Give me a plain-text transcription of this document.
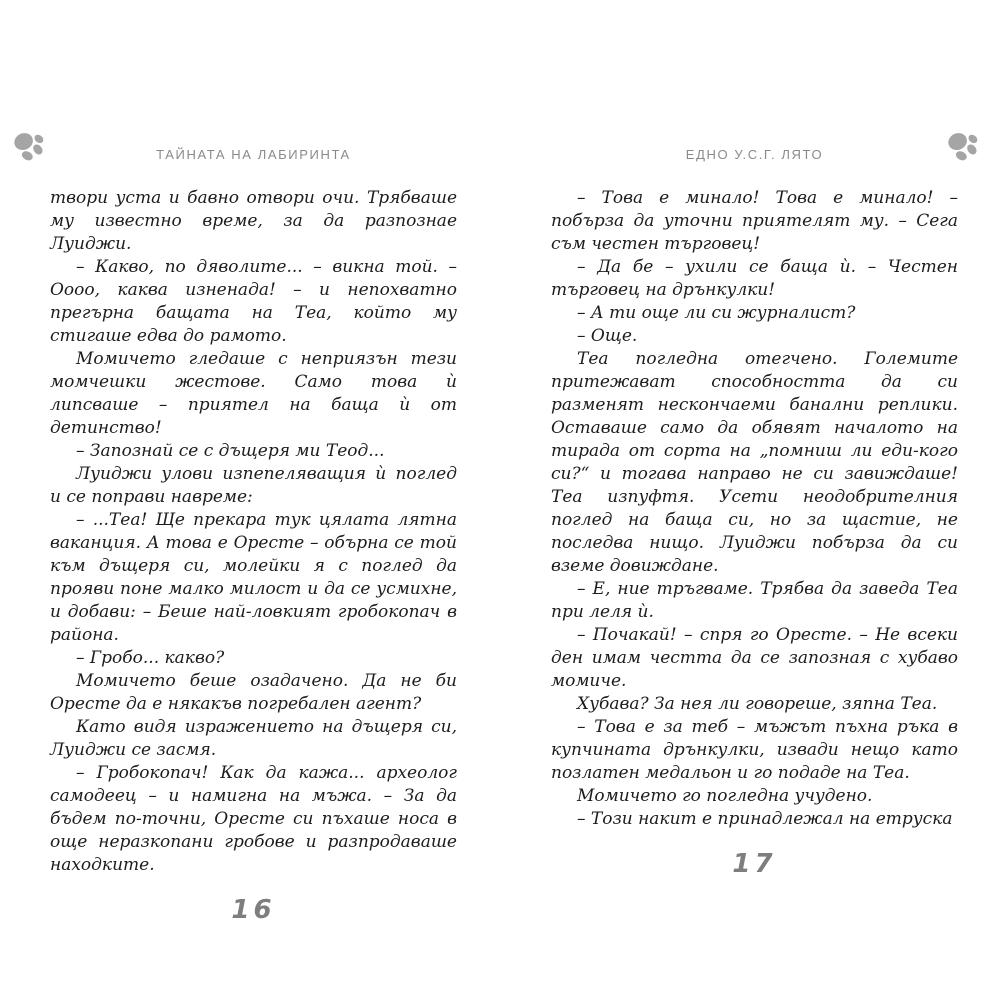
ТАЙНАТА НА ЛАБИРИНТА

твори уста и бавно отвори очи. Трябваше му известно време, за да разпознае Луиджи.

– Какво, по дяволите... – викна той. – Оооо, каква изненада! – и непохватно прегърна бащата на Теа, който му стигаше едва до рамото.

Момичето гледаше с неприязън тези момчешки жестове. Само това ѝ липсваше – приятел на баща ѝ от детинство!

– Запознай се с дъщеря ми Теод...

Луиджи улови изпепеляващия ѝ поглед и се поправи навреме:

– ...Теа! Ще прекара тук цялата лятна ваканция. А това е Оресте – обърна се той към дъщеря си, молейки я с поглед да прояви поне малко милост и да се усмихне, и добави: – Беше най-ловкият гробокопач в района.

– Гробо... какво?

Момичето беше озадачено. Да не би Оресте да е някакъв погребален агент?

Като видя изражението на дъщеря си, Луиджи се засмя.

– Гробокопач! Как да кажа... археолог самодеец – и намигна на мъжа. – За да бъдем по-точни, Оресте си пъхаше носа в още неразкопани гробове и разпродаваше находките.

16
ЕДНО У.С.Г. ЛЯТО

– Това е минало! Това е минало! – побърза да уточни приятелят му. – Сега съм честен търговец!

– Да бе – ухили се баща ѝ. – Честен търговец на дрънкулки!

– А ти още ли си журналист?

– Още.

Теа погледна отегчено. Големите притежават способността да си разменят нескончаеми банални реплики. Оставаше само да обявят началото на тирада от сорта на „помниш ли еди-кого си?“ и тогава направо не си завиждаше! Теа изпуфтя. Усети неодобрителния поглед на баща си, но за щастие, не последва нищо. Луиджи побърза да си вземе довиждане.

– Е, ние тръгваме. Трябва да заведа Теа при леля ѝ.

– Почакай! – спря го Оресте. – Не всеки ден имам честта да се запозная с хубаво момиче.

Хубава? За нея ли говореше, зяпна Теа.

– Това е за теб – мъжът пъхна ръка в купчината дрънкулки, извади нещо като позлатен медальон и го подаде на Теа.

Момичето го погледна учудено.

– Този накит е принадлежал на етруска

17
